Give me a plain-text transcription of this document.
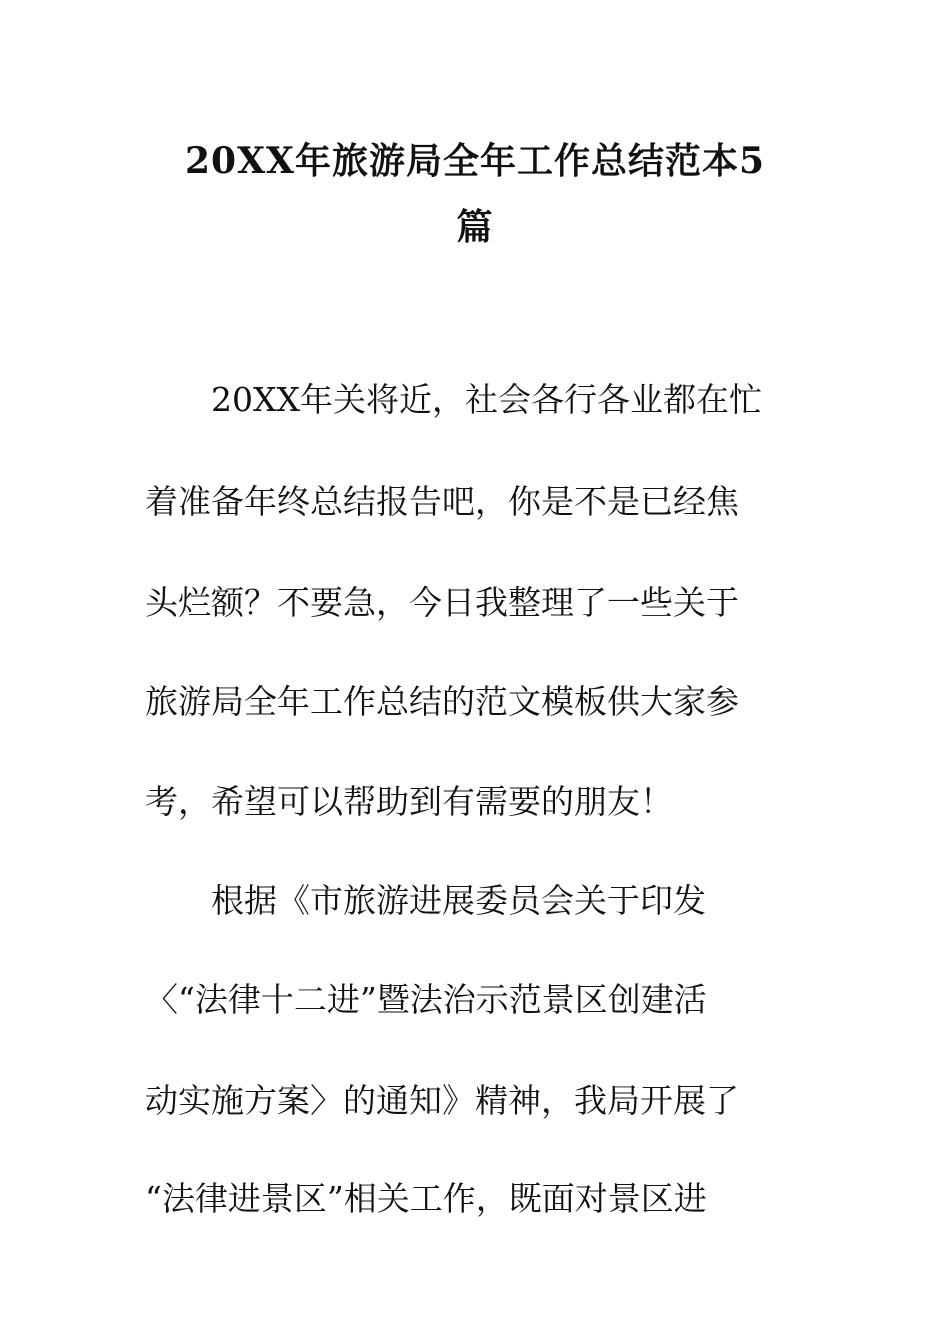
20XX年旅游局全年工作总结范本5
篇

　　20XX年关将近，社会各行各业都在忙

着准备年终总结报告吧，你是不是已经焦

头烂额？不要急，今日我整理了一些关于

旅游局全年工作总结的范文模板供大家参

考，希望可以帮助到有需要的朋友！

　　根据《市旅游进展委员会关于印发

〈“法律十二进”暨法治示范景区创建活

动实施方案〉的通知》精神，我局开展了

“法律进景区”相关工作，既面对景区进
